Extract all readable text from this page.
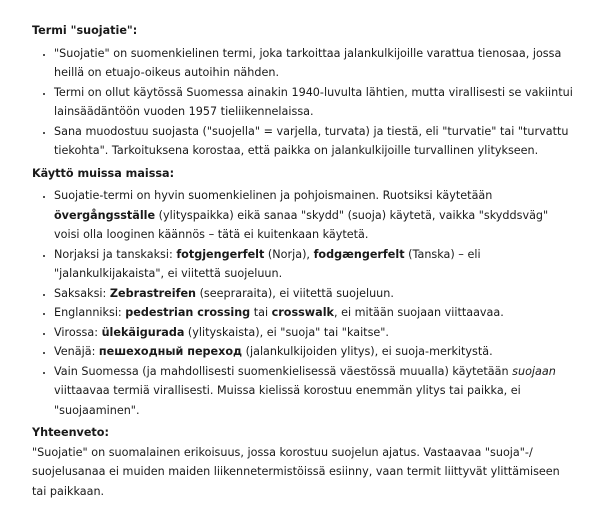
Termi "suojatie":
• "Suojatie" on suomenkielinen termi, joka tarkoittaa jalankulkijoille varattua tienosaa, jossa heillä on etuajo-oikeus autoihin nähden.
• Termi on ollut käytössä Suomessa ainakin 1940-luvulta lähtien, mutta virallisesti se vakiintui lainsäädäntöön vuoden 1957 tieliikennelaissa.
• Sana muodostuu suojasta ("suojella" = varjella, turvata) ja tiestä, eli "turvatie" tai "turvattu tiekohta". Tarkoituksena korostaa, että paikka on jalankulkijoille turvallinen ylitykseen.
Käyttö muissa maissa:
• Suojatie-termi on hyvin suomenkielinen ja pohjoismainen. Ruotsiksi käytetään övergångsställe (ylityspaikka) eikä sanaa "skydd" (suoja) käytetä, vaikka "skyddsväg" voisi olla looginen käännös – tätä ei kuitenkaan käytetä.
• Norjaksi ja tanskaksi: fotgjengerfelt (Norja), fodgængerfelt (Tanska) – eli "jalankulkijakaista", ei viitettä suojeluun.
• Saksaksi: Zebrastreifen (seepraraita), ei viitettä suojeluun.
• Englanniksi: pedestrian crossing tai crosswalk, ei mitään suojaan viittaavaa.
• Virossa: ülekäigurada (ylityskaista), ei "suoja" tai "kaitse".
• Venäjä: пешеходный переход (jalankulkijoiden ylitys), ei suoja-merkitystä.
• Vain Suomessa (ja mahdollisesti suomenkielisessä väestössä muualla) käytetään suojaan viittaavaa termiä virallisesti. Muissa kielissä korostuu enemmän ylitys tai paikka, ei "suojaaminen".
Yhteenveto:

"Suojatie" on suomalainen erikoisuus, jossa korostuu suojelun ajatus. Vastaavaa "suoja"-/ suojelusanaa ei muiden maiden liikennetermistöissä esiinny, vaan termit liittyvät ylittämiseen tai paikkaan.
